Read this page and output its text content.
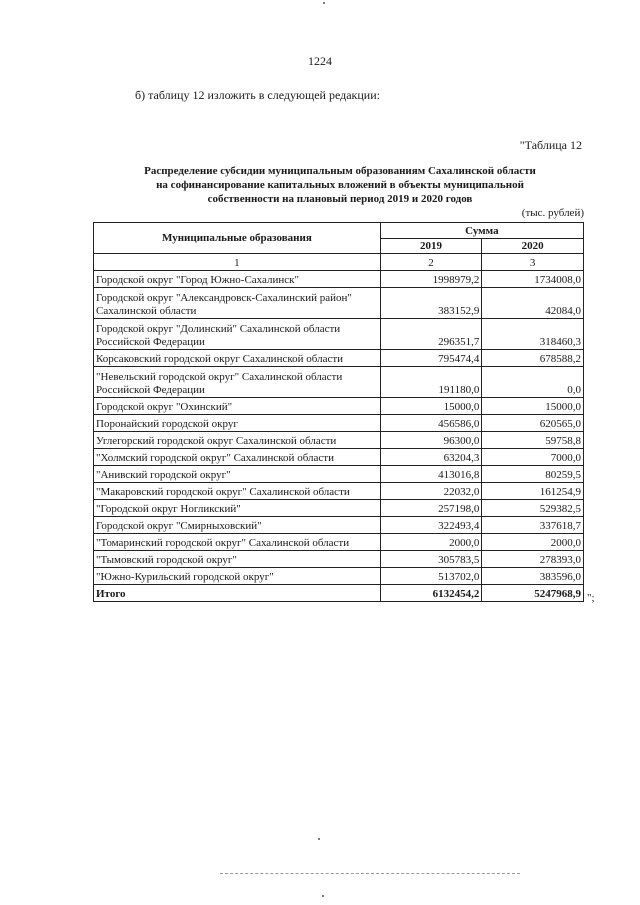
1224
б) таблицу 12 изложить в следующей редакции:
"Таблица 12
Распределение субсидии муниципальным образованиям Сахалинской области
на софинансирование капитальных вложений в объекты муниципальной
собственности на плановый период 2019 и 2020 годов
(тыс. рублей)
Муниципальные образования	Сумма	
	2019	2020
1	2	3
Городской округ "Город Южно-Сахалинск"	1998979,2	1734008,0
Городской округ "Александровск-Сахалинский район" Сахалинской области	383152,9	42084,0
Городской округ "Долинский" Сахалинской области Российской Федерации	296351,7	318460,3
Корсаковский городской округ Сахалинской области	795474,4	678588,2
"Невельский городской округ" Сахалинской области Российской Федерации	191180,0	0,0
Городской округ "Охинский"	15000,0	15000,0
Поронайский городской округ	456586,0	620565,0
Углегорский городской округ Сахалинской области	96300,0	59758,8
"Холмский городской округ" Сахалинской области	63204,3	7000,0
"Анивский городской округ"	413016,8	80259,5
"Макаровский городской округ" Сахалинской области	22032,0	161254,9
"Городской округ Ногликский"	257198,0	529382,5
Городской округ "Смирныховский"	322493,4	337618,7
"Томаринский городской округ" Сахалинской области	2000,0	2000,0
"Тымовский городской округ"	305783,5	278393,0
"Южно-Курильский городской округ"	513702,0	383596,0
Итого	6132454,2	5247968,9 ";
